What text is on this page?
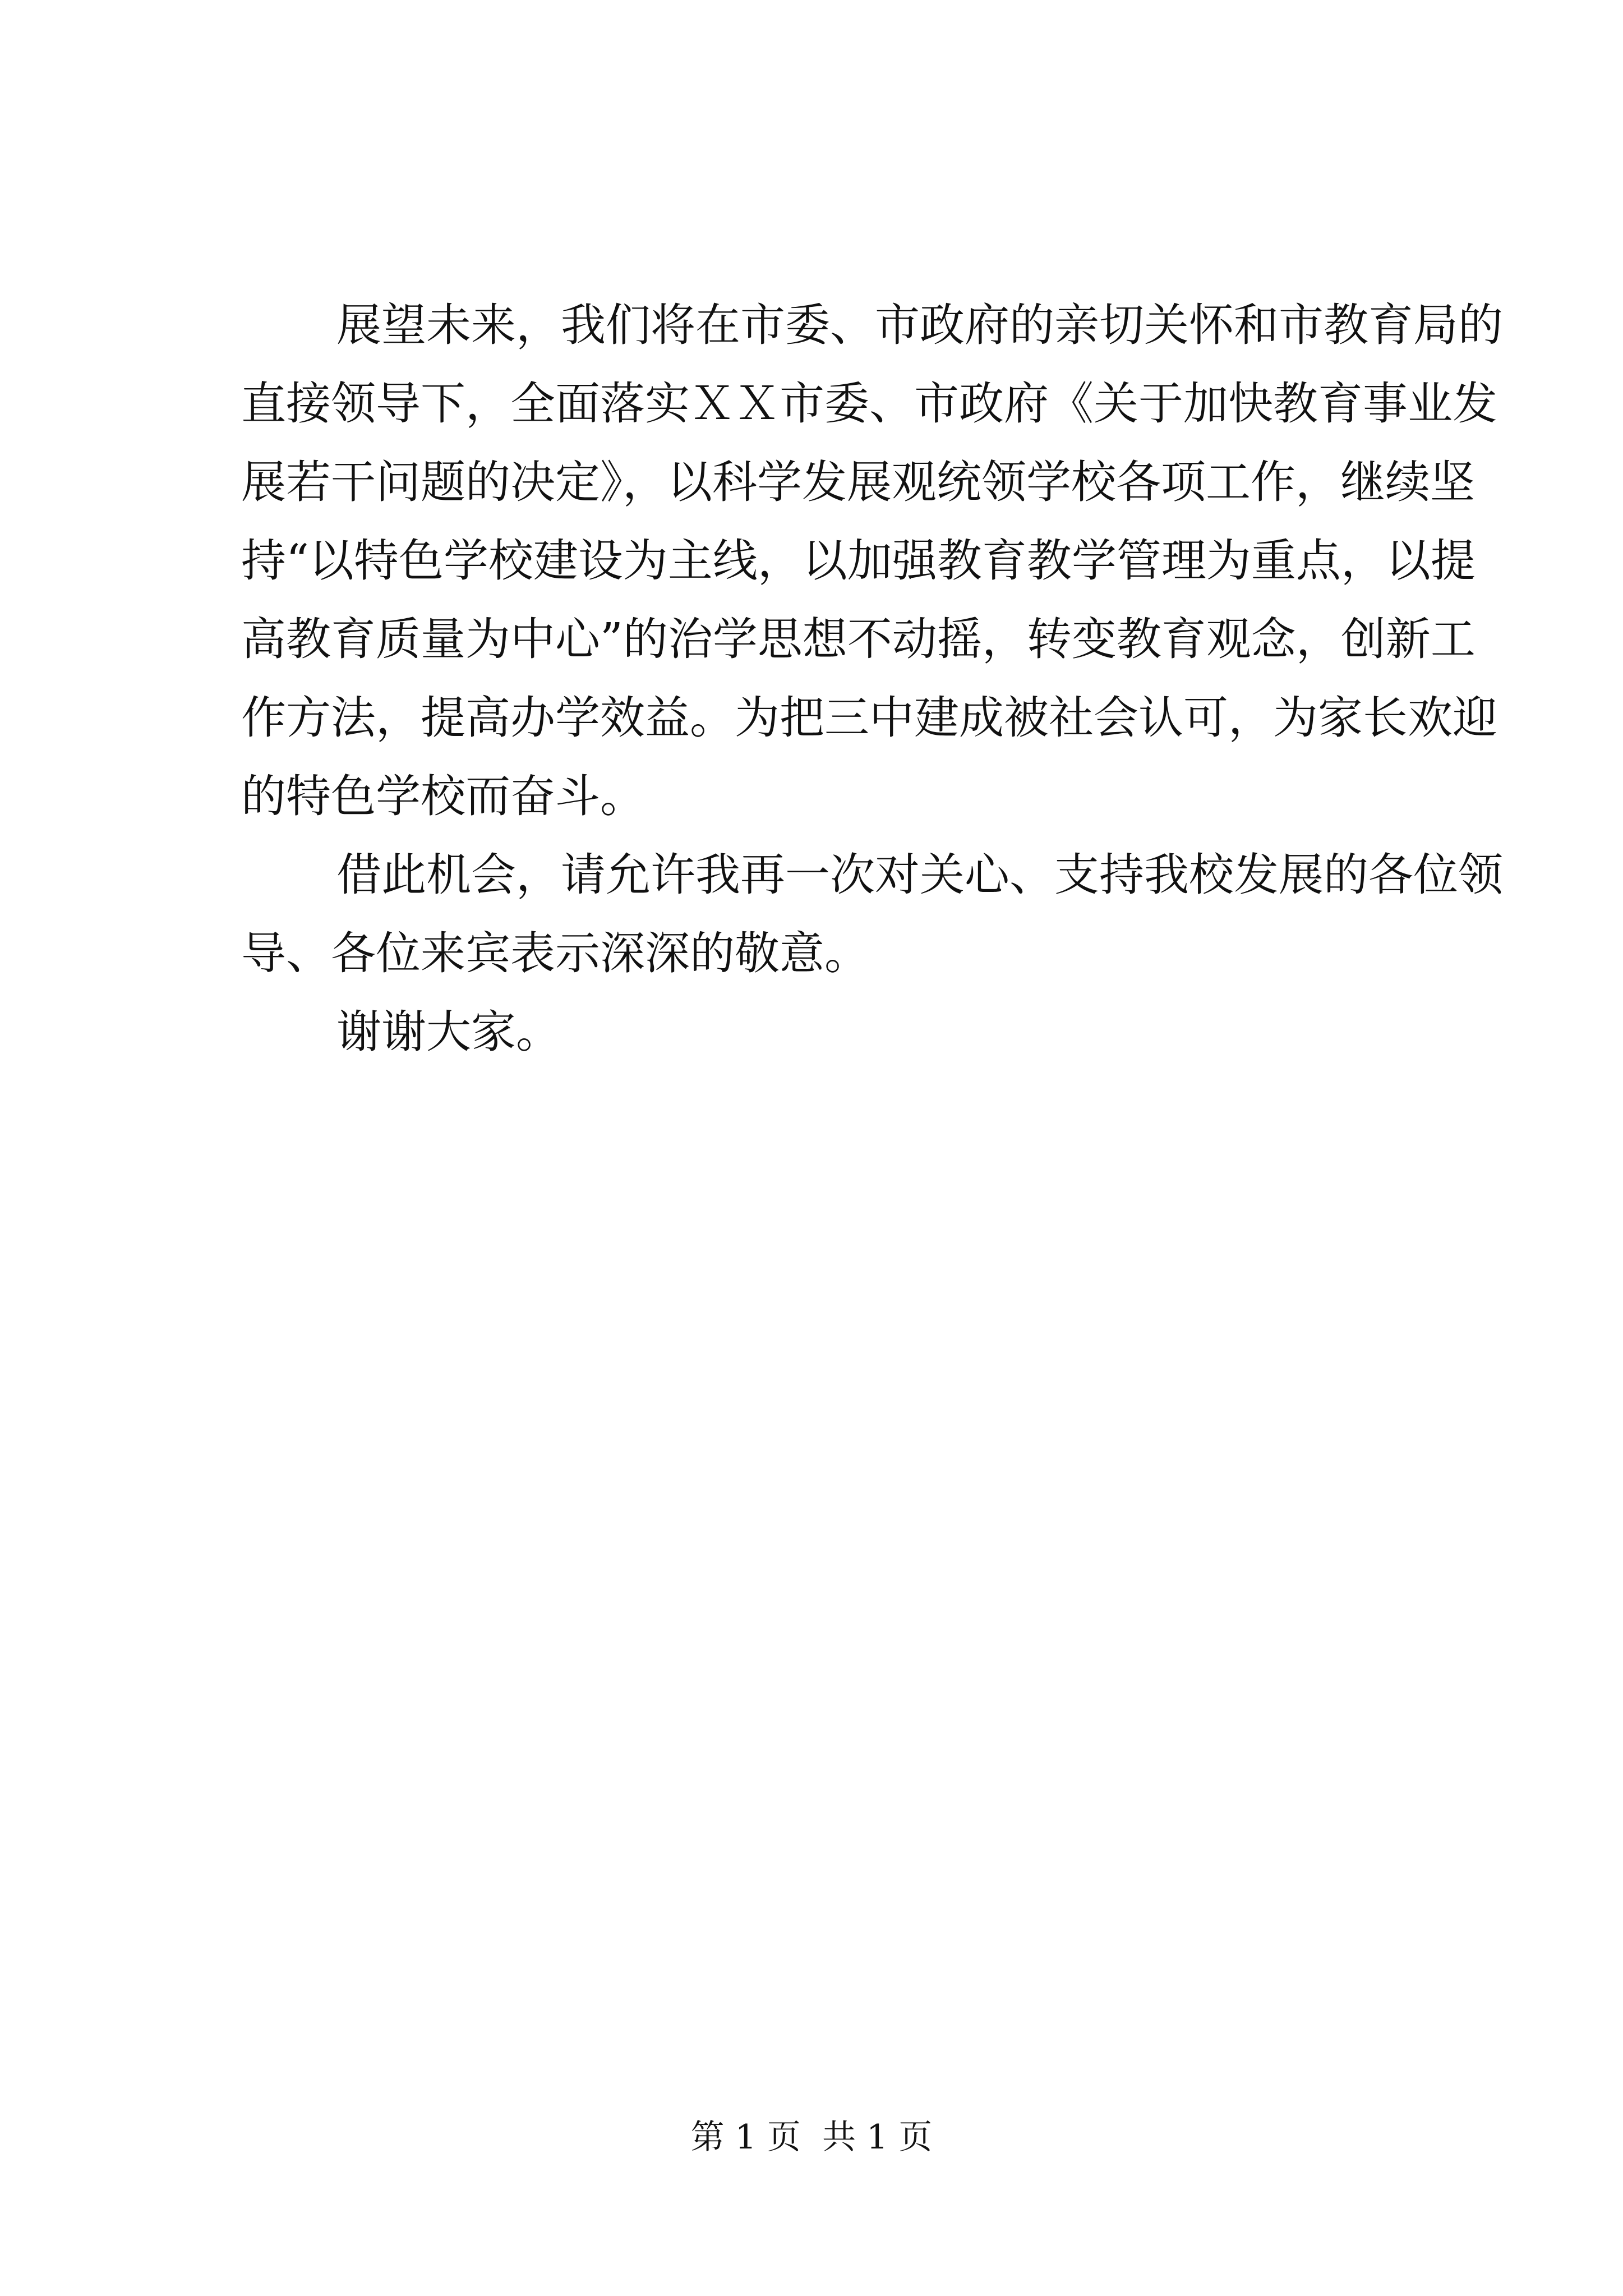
展望未来，我们将在市委、市政府的亲切关怀和市教育局的
直接领导下，全面落实ＸＸ市委、市政府《关于加快教育事业发
展若干问题的决定》，以科学发展观统领学校各项工作，继续坚
持“以特色学校建设为主线，以加强教育教学管理为重点，以提
高教育质量为中心”的治学思想不动摇，转变教育观念，创新工
作方法，提高办学效益。为把三中建成被社会认可，为家长欢迎
的特色学校而奋斗。
借此机会，请允许我再一次对关心、支持我校发展的各位领
导、各位来宾表示深深的敬意。
谢谢大家。
第 1 页  共 1 页
